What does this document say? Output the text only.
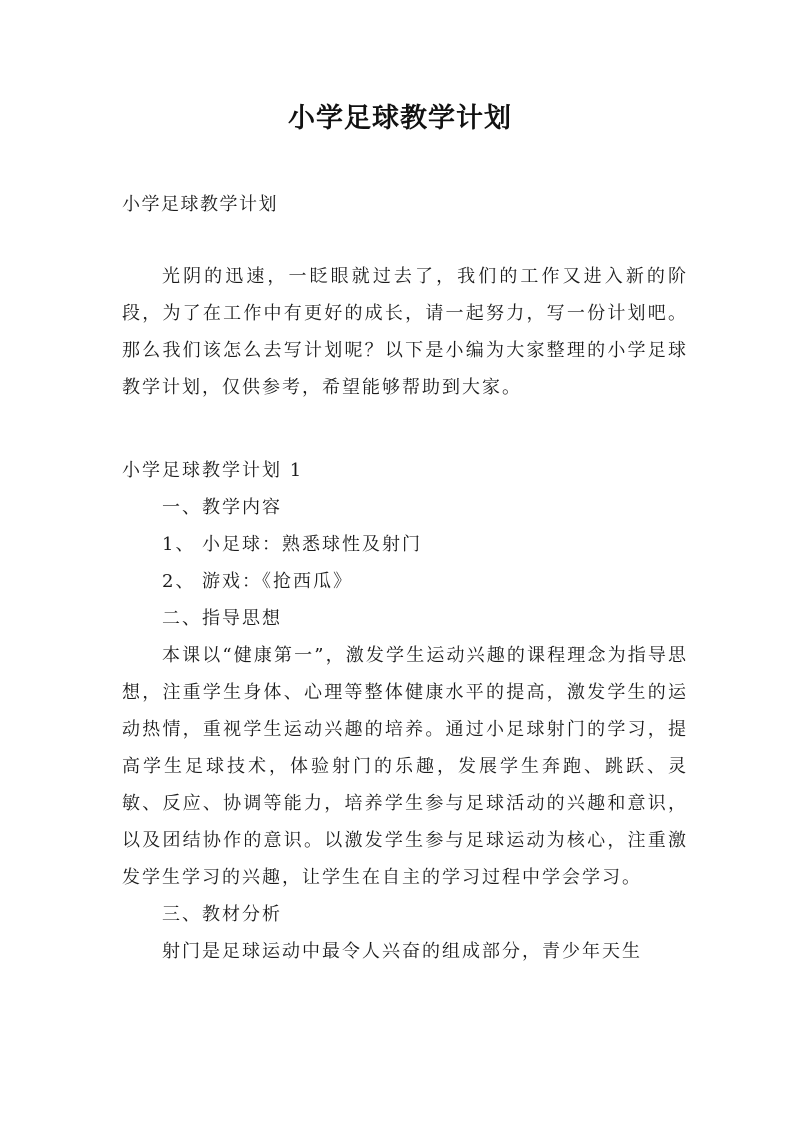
小学足球教学计划
小学足球教学计划
光阴的迅速，一眨眼就过去了，我们的工作又进入新的阶段，为了在工作中有更好的成长，请一起努力，写一份计划吧。那么我们该怎么去写计划呢？以下是小编为大家整理的小学足球教学计划，仅供参考，希望能够帮助到大家。

小学足球教学计划 1

一、教学内容

1、 小足球：熟悉球性及射门

2、 游戏：《抢西瓜》

二、指导思想

本课以“健康第一”，激发学生运动兴趣的课程理念为指导思想，注重学生身体、心理等整体健康水平的提高，激发学生的运动热情，重视学生运动兴趣的培养。通过小足球射门的学习，提高学生足球技术，体验射门的乐趣，发展学生奔跑、跳跃、灵敏、反应、协调等能力，培养学生参与足球活动的兴趣和意识，以及团结协作的意识。以激发学生参与足球运动为核心，注重激发学生学习的兴趣，让学生在自主的学习过程中学会学习。

三、教材分析

射门是足球运动中最令人兴奋的组成部分，青少年天生
